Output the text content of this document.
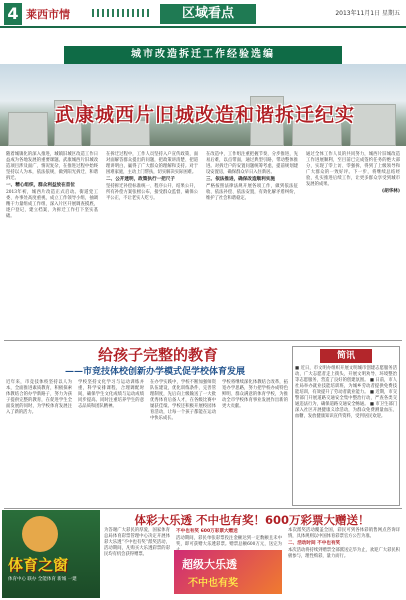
4 莱西市情	区域看点	2013年11月1日 星期五
城市改造拆迁工作经验选编
武康城西片旧城改造和谐拆迁纪实
随着城镇化的深入推进，城镇旧城区改造工作日益成为各地发展的重要课题。武康城西片旧城改造项目涉及面广、情况复杂，在推进过程中始终坚持以人为本，依法依规，做到阳光拆迁、和谐拆迁。
一、精心组织，群众利益放在首位
2013年初，城西片改造正式启动。街道党工委、办事处高度重视，成立工作领导小组，抽调精干力量组成工作组，深入片区开展调查摸底，逐户登记，建立档案，为拆迁工作打下坚实基础。
在拆迁过程中，工作人员坚持入户宣传政策，面对面解答群众提出的问题，把政策讲清楚、把道理讲明白，赢得了广大群众的理解和支持。对于困难家庭，主动上门帮扶，切实解决实际困难。
二、公开透明，政策执行一把尺子
坚持拆迁补偿标准统一、程序公开、结果公开，所有补偿方案张榜公布，接受群众监督，确保公平公正，不让老实人吃亏。
在改造中，工作组注重把握节奏，分步推进，先易后难，以点带面，通过典型引路，带动整体推进。对拆迁户的安置问题统筹考虑，提前规划建设安置房，确保群众早日入住新居。
三、依法推进，确保改造顺利实施
严格按照法律法规开展各项工作，做到依法征收、依法补偿、依法安置，有效化解矛盾纠纷，维护了社会和谐稳定。
通过全体工作人员的共同努力，城西片旧城改造工作进展顺利，至目前已完成签约任务的绝大部分，实现了零上访、零强拆，得到了上级领导和广大群众的一致好评。下一步，将继续总结经验，扎实推进后续工作，让更多群众享受到城市发展的成果。
(胡华林)
给孩子完整的教育
——市竞技体校创新办学模式促学校体育发展
近年来，市竞技体校坚持以人为本，全面推进素质教育，积极探索体教结合的办学新路子，努力为孩子提供完整的教育，在促进学生全面发展的同时，为学校体育发展注入了新的活力。
学校坚持文化学习与运动训练并重，科学安排课程，合理调配时间，确保学生文化成绩与运动成绩同步提高。同时注重培养学生的意志品质和团队精神。
在办学实践中，学校不断加强师资队伍建设，优化训练条件，完善管理制度，先后向上级输送了一大批优秀体育后备人才，在各级比赛中屡获佳绩。学校还积极开展校园体育活动，让每一个孩子都能在运动中快乐成长。
学校将继续深化体教结合改革，拓宽办学思路，努力把学校办成特色鲜明、群众满意的体育学校，为推动全市学校体育事业发展作出新的更大贡献。
简讯
■ 近日，市文明办组织开展文明城市创建志愿服务活动，广大志愿者走上街头，开展文明劝导、环境整治等志愿服务，营造了良好的创建氛围。 ■ 日前，市人社局举办就业技能培训班，为城乡劳动者提供免费技能培训，有效提升了劳动者就业能力。 ■ 近期，市交警部门开展道路交通安全集中整治行动，严查各类交通违法行为，确保道路交通安全畅通。 ■ 市卫生部门深入社区开展健康义诊活动，为群众免费测量血压、血糖，发放健康知识宣传资料，受到居民欢迎。
体育之窗
体育中心 联办 全能体育 新城 一建
体彩大乐透 不中也有奖！600万彩票大赠送！
为答谢广大彩民的厚爱，国家体育总局体育彩票管理中心决定开展体彩大乐透“不中也有奖”派奖活动，活动期间，凡购买大乐透彩票的彩民均有机会获得赠票。
不中也有奖 600万彩票大赠送
活动期间，彩民单张彩票投注金额达到一定数额且未中奖，即可获赠大乐透彩票。赠票总额600万元，送完为
超级大乐透
不中也有奖
本次派奖活动覆盖全国，彩民可到各体彩销售网点咨询详情，具体规则以中国体育彩票官方公告为准。
二、活动时间 不中也有奖
本次活动将持续到赠票全部派送完毕为止，欢迎广大彩民积极参与，理性购彩，量力而行。
